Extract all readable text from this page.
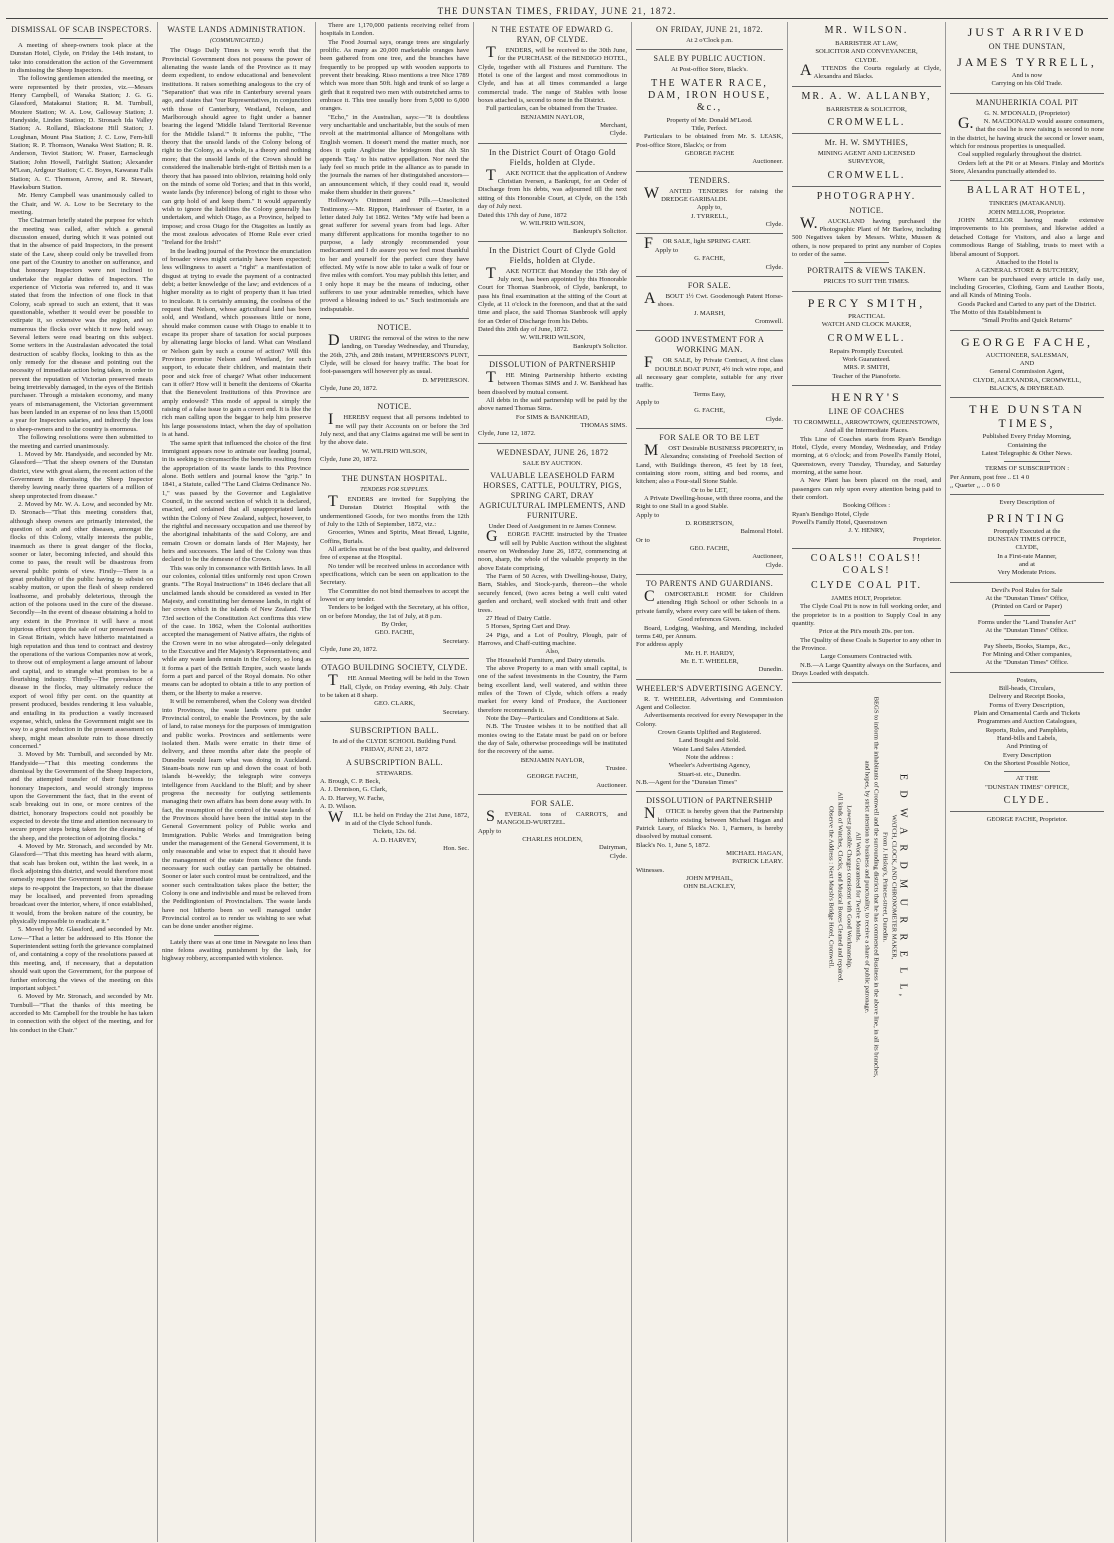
THE DUNSTAN TIMES, FRIDAY, JUNE 21, 1872.
DISMISSAL OF SCAB INSPECTORS.

A meeting of sheep-owners took place at the Dunstan Hotel, Clyde, on Friday the 14th instant, to take into consideration the action of the Government in dismissing the Sheep Inspectors.

The following gentlemen attended the meeting, or were represented by their proxies, viz.—Messrs Henry Campbell, of Wanaka Station; J. G. G. Glassford, Matakanui Station; R. M. Turnbull, Moutere Station; W. A. Low, Galloway Station; J. Handyside, Linden Station; D. Stronach Ida Valley Station; A. Rolland, Blackstone Hill Station; J. Loughnan, Mount Pisa Station; J. C. Low, Fern-hill Station; R. P. Thomson, Wanaka West Station; R. R. Anderson, Teviot Station; W. Fraser, Earnscleugh Station; John Howell, Fairlight Station; Alexander M'Lean, Ardgour Station; C. C. Boyes, Kawarau Falls Station; A. C. Thomson, Arrow, and R. Stewart, Hawksburn Station.

Mr. Henry Campbell was unanimously called to the Chair, and W. A. Low to be Secretary to the meeting.

The Chairman briefly stated the purpose for which the meeting was called, after which a general discussion ensued, during which it was pointed out that in the absence of paid Inspectors, in the present state of the Law, sheep could only be travelled from one part of the Country to another on sufferance, and that honorary Inspectors were not inclined to undertake the regular duties of Inspectors. The experience of Victoria was referred to, and it was stated that from the infection of one flock in that Colony, scab spread to such an extent, that it was questionable, whether it would ever be possible to extirpate it, so extensive was the region, and so numerous the flocks over which it now held sway. Several letters were read bearing on this subject. Some writers in the Australasian advocated the total destruction of scabby flocks, looking to this as the only remedy for the disease and pointing out the necessity of immediate action being taken, in order to prevent the reputation of Victorian preserved meats being irretrievably damaged, in the eyes of the British purchaser. Through a mistaken economy, and many years of mismanagement, the Victorian government has been landed in an expense of no less than 15,000l a year for Inspectors salaries, and indirectly the loss to sheep-owners and to the country is enormous.

The following resolutions were then submitted to the meeting and carried unanimously.

1. Moved by Mr. Handyside, and seconded by Mr. Glassford—"That the sheep owners of the Dunstan district, view with great alarm, the recent action of the Government in dismissing the Sheep Inspector thereby leaving nearly three quarters of a million of sheep unprotected from disease."

2. Moved by Mr. W. A. Low, and seconded by Mr. D. Stronach—"That this meeting considers that, although sheep owners are primarily interested, the question of scab and other diseases, amongst the flocks of this Colony, vitally interests the public, inasmuch as there is great danger of the flocks, sooner or later, becoming infected, and should this come to pass, the result will be disastrous from several public points of view. Firstly—There is a great probability of the public having to subsist on scabby mutton, or upon the flesh of sheep rendered loathsome, and probably deleterious, through the action of the poisons used in the cure of the disease. Secondly—In the event of disease obtaining a hold to any extent in the Province it will have a most injurious effect upon the sale of our preserved meats in Great Britain, which have hitherto maintained a high reputation and thus tend to contract and destroy the operations of the various Companies now at work, to throw out of employment a large amount of labour and capital, and to strangle what promises to be a flourishing industry. Thirdly—The prevalence of disease in the flocks, may ultimately reduce the export of wool fifty per cent. on the quantity at present produced, besides rendering it less valuable, and entailing in its production a vastly increased expense, which, unless the Government might see its way to a great reduction in the present assessment on sheep, might mean absolute ruin to those directly concerned."

3. Moved by Mr. Turnbull, and seconded by Mr. Handyside—"That this meeting condemns the dismissal by the Government of the Sheep Inspectors, and the attempted transfer of their functions to honorary Inspectors, and would strongly impress upon the Government the fact, that in the event of scab breaking out in one, or more centres of the district, honorary Inspectors could not possibly be expected to devote the time and attention necessary to secure proper steps being taken for the cleansing of the sheep, and the protection of adjoining flocks."

4. Moved by Mr. Stronach, and seconded by Mr. Glassford—"That this meeting has heard with alarm, that scab has broken out, within the last week, in a flock adjoining this district, and would therefore most earnestly request the Government to take immediate steps to re-appoint the Inspectors, so that the disease may be localised, and prevented from spreading broadcast over the interior, where, if once established, it would, from the broken nature of the country, be physically impossible to eradicate it."

5. Moved by Mr. Glassford, and seconded by Mr. Low—"That a letter be addressed to His Honor the Superintendent setting forth the grievance complained of, and containing a copy of the resolutions passed at this meeting, and, if necessary, that a deputation should wait upon the Government, for the purpose of further enforcing the views of the meeting on this important subject."

6. Moved by Mr. Stronach, and seconded by Mr. Turnbull—"That the thanks of this meeting be accorded to Mr. Campbell for the trouble he has taken in connection with the object of the meeting, and for his conduct in the Chair."

WASTE LANDS ADMINISTRATION.
(COMMUNICATED.)

The Otago Daily Times is very wroth that the Provincial Government does not possess the power of alienating the waste lands of the Province as it may deem expedient, to endow educational and benevolent institutions. It raises something analogous to the cry of "Separation" that was rife in Canterbury several years ago, and states that "our Representatives, in conjunction with those of Canterbury, Westland, Nelson, and Marlborough should agree to fight under a banner bearing the legend 'Middle Island Territorial Revenue for the Middle Island.'" It informs the public, "The theory that the unsold lands of the Colony belong of right to the Colony, as a whole, is a theory and nothing more; that the unsold lands of the Crown should be considered the inalienable birth-right of British men is a theory that has passed into oblivion, retaining hold only on the minds of some old Tories; and that in this world, waste lands (by inference) belong of right to those who can grip hold of and keep them." It would apparently wish to ignore the liabilities the Colony generally has undertaken, and which Otago, as a Province, helped to impose; and cross Otago for the Otagoites as lustily as the most zealous advocates of Home Rule ever cried "Ireland for the Irish!"

In the leading journal of the Province the enunciation of broader views might certainly have been expected; less willingness to assert a "right" a manifestation of disgust at trying to evade the payment of a contracted debt; a better knowledge of the law; and evidences of a higher morality as to right of property than it has tried to inculcate. It is certainly amusing, the coolness of the request that Nelson, whose agricultural land has been sold, and Westland, which possesses little or none, should make common cause with Otago to enable it to escape its proper share of taxation for social purposes by alienating large blocks of land. What can Westland or Nelson gain by such a course of action? Will this Province promise Nelson and Westland, for such support, to educate their children, and maintain their poor and sick free of charge? What other inducement can it offer? How will it benefit the denizens of Okarita that the Benevolent Institutions of this Province are amply endowed? This mode of appeal is simply the raising of a false issue to gain a covert end. It is like the rich man calling upon the beggar to help him preserve his large possessions intact, when the day of spoliation is at hand.

The same spirit that influenced the choice of the first immigrant appears now to animate our leading journal, in its seeking to circumscribe the benefits resulting from the appropriation of its waste lands to this Province alone. Both settlers and journal know the "grip." In 1841, a Statute, called "The Land Claims Ordinance No. 1," was passed by the Governor and Legislative Council, in the second section of which it is declared, enacted, and ordained that all unappropriated lands within the Colony of New Zealand, subject, however, to the rightful and necessary occupation and use thereof by the aboriginal inhabitants of the said Colony, are and remain Crown or domain lands of Her Majesty, her heirs and successors. The land of the Colony was thus declared to be the demesne of the Crown.

This was only in consonance with British laws. In all our colonies, colonial titles uniformly rest upon Crown grants. "The Royal Instructions" in 1846 declare that all unclaimed lands should be considered as vested in Her Majesty, and constituting her demesne lands, in right of her crown which in the islands of New Zealand. The 73rd section of the Constitution Act confirms this view of the case. In 1862, when the Colonial authorities accepted the management of Native affairs, the rights of the Crown were in no wise abrogated—only delegated to the Executive and Her Majesty's Representatives; and while any waste lands remain in the Colony, so long as it forms a part of the British Empire, such waste lands form a part and parcel of the Royal domain. No other means can be adopted to obtain a title to any portion of them, or the liberty to make a reserve.

It will be remembered, when the Colony was divided into Provinces, the waste lands were put under Provincial control, to enable the Provinces, by the sale of land, to raise moneys for the purposes of immigration and public works. Provinces and settlements were isolated then. Mails were erratic in their time of delivery, and three months after date the people of Dunedin would learn what was doing in Auckland. Steam-boats now run up and down the coast of both islands bi-weekly; the telegraph wire conveys intelligence from Auckland to the Bluff; and by sheer progress the necessity for outlying settlements managing their own affairs has been done away with. In fact, the resumption of the control of the waste lands of the Provinces should have been the initial step in the General Government policy of Public works and Immigration. Public Works and Immigration being under the management of the General Government, it is only reasonable and wise to expect that it should have the management of the estate from whence the funds necessary for such outlay can partially be obtained. Sooner or later such control must be centralized, and the sooner such centralization takes place the better; the Colony is one and indivisible and must be relieved from the Peddlingtonism of Provincialism. The waste lands have not hitherto been so well managed under Provincial control as to render us wishing to see what can be done under another régime.

Lately there was at one time in Newgate no less than nine felons awaiting punishment by the lash, for highway robbery, accompanied with violence.

There are 1,170,000 patients receiving relief from hospitals in London.

The Food Journal says, orange trees are singularly prolific. As many as 20,000 marketable oranges have been gathered from one tree, and the branches have frequently to be propped up with wooden supports to prevent their breaking. Risso mentions a tree Nice 1789 which was more than 50ft. high and trunk of so large a girth that it required two men with outstretched arms to embrace it. This tree usually bore from 5,000 to 6,000 oranges.

"Echo," in the Australian, says:—"It is doubtless very uncharitable and uncharitable, but the souls of men revolt at the matrimonial alliance of Mongolians with English women. It doesn't mend the matter much, nor does it quite Anglicise the bridegroom that Ah Sin appends 'Esq.' to his native appellation. Nor need the lady feel so much pride in the alliance as to parade in the journals the names of her distinguished ancestors—an announcement which, if they could read it, would make them shudder in their graves."

Holloway's Ointment and Pills.—Unsolicited Testimony.—Mr. Rippon, Hairdresser of Exeter, in a letter dated July 1st 1862. Writes "My wife had been a great sufferer for several years from bad legs. After many different applications for months together to no purpose, a lady strongly recommended your medicament and I do assure you we feel most thankful to her and yourself for the perfect cure they have effected. My wife is now able to take a walk of four or five miles with comfort. You may publish this letter, and I only hope it may be the means of inducing, other sufferers to use your admirable remedies, which have proved a blessing indeed to us." Such testimonials are indisputable.

NOTICE.

DURING the removal of the wires to the new landing, on Tuesday Wednesday, and Thursday, the 26th, 27th, and 28th instant, M'PHERSON'S PUNT, Clyde, will be closed for heavy traffic. The boat for foot-passengers will however ply as usual.

D. M'PHERSON.
Clyde, June 20, 1872.
NOTICE.

IHEREBY request that all persons indebted to me will pay their Accounts on or before the 3rd July next, and that any Claims against me will be sent in by the above date.

W. WILFRID WILSON,
Clyde, June 20, 1872.
THE DUNSTAN HOSPITAL.
TENDERS FOR SUPPLIES.

TENDERS are invited for Supplying the Dunstan District Hospital with the undermentioned Goods, for two months from the 12th of July to the 12th of September, 1872, viz.:

Groceries, Wines and Spirits, Meat Bread, Lignite, Coffins, Burials.

All articles must be of the best quality, and delivered free of expense at the Hospital.

No tender will be received unless in accordance with specifications, which can be seen on application to the Secretary.

The Committee do not bind themselves to accept the lowest or any tender.

Tenders to be lodged with the Secretary, at his office, on or before Monday, the 1st of July, at 8 p.m.

By Order,
GEO. FACHE,
Secretary.
Clyde, June 20, 1872.
OTAGO BUILDING SOCIETY, CLYDE.

THE Annual Meeting will be held in the Town Hall, Clyde, on Friday evening, 4th July. Chair to be taken at 8 sharp.

GEO. CLARK,
Secretary.
SUBSCRIPTION BALL.
In aid of the CLYDE SCHOOL Building Fund.
FRIDAY, JUNE 21, 1872
A SUBSCRIPTION BALL.
STEWARDS.
A. Brough, C. P. Beck,
A. J. Dennison, G. Clark,
A. D. Harvey, W. Fache,
A. D. Wilson.

WILL be held on Friday the 21st June, 1872, in aid of the Clyde School funds.

Tickets, 12s. 6d.
A. D. HARVEY,
Hon. Sec.
N THE ESTATE OF EDWARD G. RYAN, OF CLYDE.

TENDERS, will be received to the 30th June, for the PURCHASE of the BENDIGO HOTEL, Clyde, together with all Fixtures and Furniture. The Hotel is one of the largest and most commodious in Clyde, and has at all times commanded a large commercial trade. The range of Stables with loose boxes attached is, second to none in the District.

Full particulars, can be obtained from the Trustee.

BENJAMIN NAYLOR,
Merchant,
Clyde.
In the District Court of Otago Gold Fields, holden at Clyde.

TAKE NOTICE that the application of Andrew Christian Iversen, a Bankrupt, for an Order of Discharge from his debts, was adjourned till the next sitting of this Honorable Court, at Clyde, on the 15th day of July next.

Dated this 17th day of June, 1872
W. WILFRID WILSON,
Bankrupt's Solicitor.
In the District Court of Clyde Gold Fields, holden at Clyde.

TAKE NOTICE that Monday the 15th day of July next, has been appointed by this Honorable Court for Thomas Stanbrook, of Clyde, bankrupt, to pass his final examination at the sitting of the Court at Clyde, at 11 o'clock in the forenoon, and that at the said time and place, the said Thomas Stanbrook will apply for an Order of Discharge from his Debts.

Dated this 20th day of June, 1872.
W. WILFRID WILSON,
Bankrupt's Solicitor.
DISSOLUTION of PARTNERSHIP

THE Mining Partnership hitherto existing between Thomas SIMS and J. W. Bankhead has been dissolved by mutual consent.

All debts in the said partnership will be paid by the above named Thomas Sims.

For SIMS & BANKHEAD,
THOMAS SIMS.
Clyde, June 12, 1872.
WEDNESDAY, JUNE 26, 1872
SALE BY AUCTION.
VALUABLE LEASEHOLD FARM HORSES, CATTLE, POULTRY, PIGS, SPRING CART, DRAY AGRICULTURAL IMPLEMENTS, AND FURNITURE.
Under Deed of Assignment in re James Connew.

GEORGE FACHE instructed by the Trustee will sell by Public Auction without the slightest reserve on Wednesday June 26, 1872, commencing at noon, sharp, the whole of the valuable property in the above Estate comprising,

The Farm of 50 Acres, with Dwelling-house, Dairy, Barn, Stables, and Stock-yards, thereon—the whole securely fenced, (two acres being a well culti vated garden and orchard, well stocked with fruit and other trees.

27 Head of Dairy Cattle.

5 Horses, Spring Cart and Dray.

24 Pigs, and a Lot of Poultry, Plough, pair of Harrows, and Chaff-cutting machine.

Also,

The Household Furniture, and Dairy utensils.

The above Property to a man with small capital, is one of the safest investments in the Country, the Farm being excellent land, well watered, and within three miles of the Town of Clyde, which offers a ready market for every kind of Produce, the Auctioneer therefore recommends it.

Note the Day—Particulars and Conditions at Sale.

N.B. The Trustee wishes it to be notified that all monies owing to the Estate must be paid on or before the day of Sale, otherwise proceedings will be instituted for the recovery of the same.

BENJAMIN NAYLOR,
Trustee.
GEORGE FACHE,
Auctioneer.
FOR SALE.

SEVERAL tons of CARROTS, and MANGOLD-WURTZEL.

Apply to
CHARLES HOLDEN,
Dairyman,
Clyde.
ON FRIDAY, JUNE 21, 1872.
At 2 o'Clock p.m.
SALE BY PUBLIC AUCTION.
At Post-office Store, Black's.
THE WATER RACE, DAM, IRON HOUSE, &c.,
Property of Mr. Donald M'Leod.
Title, Perfect.

Particulars to be obtained from Mr. S. LEASK, Post-office Store, Black's; or from

GEORGE FACHE
Auctioneer.
TENDERS.

WANTED TENDERS for raising the DREDGE GARIBALDI.

Apply to,
J. TYRRELL,
Clyde.

FOR SALE, light SPRING CART.

Apply to
G. FACHE,
Clyde.
FOR SALE.

ABOUT 1½ Cwt. Goodenough Patent Horse-shoes.

J. MARSH,
Cromwell.
GOOD INVESTMENT FOR A WORKING MAN.

FOR SALE, by Private Contract, A first class DOUBLE BOAT PUNT, 4½ inch wire rope, and all necessary gear complete, suitable for any river traffic.

Terms Easy,
Apply to
G. FACHE,
Clyde.
FOR SALE OR TO BE LET

MOST Desirable BUSINESS PROPERTY, in Alexandra; consisting of Freehold Section of Land, with Buildings thereon, 45 feet by 18 feet, containing store room, sitting and bed rooms, and kitchen; also a Four-stall Stone Stable.

Or to be LET,

A Private Dwelling-house, with three rooms, and the Right to one Stall in a good Stable.

Apply to
D. ROBERTSON,
Balmoral Hotel.
Or to
GEO. FACHE,
Auctioneer,
Clyde.
TO PARENTS AND GUARDIANS.

COMFORTABLE HOME for Children attending High School or other Schools in a private family, where every care will be taken of them.

Good references Given.

Board, Lodging, Washing, and Mending, included terms £40, per Annum.

For address apply
Mr. H. F. HARDY,
Mr. E. T. WHEELER,
Dunedin.
WHEELER'S ADVERTISING AGENCY.

R. T. WHEELER, Advertising and Commission Agent and Collector.

Advertisements received for every Newspaper in the Colony.

Crown Grants Uplifted and Registered.
Land Bought and Sold.
Waste Land Sales Attended.
Note the address :
Wheeler's Advertising Agency,
Stuart-st. etc., Dunedin.
N.B.—Agent for the "Dunstan Times"
DISSOLUTION of PARTNERSHIP

NOTICE is hereby given that the Partnership hitherto existing between Michael Hagan and Patrick Leary, of Black's No. 1, Farmers, is hereby dissolved by mutual consent.

Black's No. 1, June 5, 1872.
MICHAEL HAGAN,
PATRICK LEARY.
Witnesses.
JOHN M'PHAIL,
OHN BLACKLEY,
MR. WILSON.
BARRISTER AT LAW,
SOLICITOR AND CONVEYANCER,
CLYDE.

ATTENDS the Courts regularly at Clyde, Alexandra and Blacks.

MR. A. W. ALLANBY,
BARRISTER & SOLICITOR,
CROMWELL.
Mr. H. W. SMYTHIES,
MINING AGENT AND LICENSED
SURVEYOR,
CROMWELL.
PHOTOGRAPHY.
NOTICE.

W.AUCKLAND having purchased the Photographic Plant of Mr Barlow, including 500 Negatives taken by Messrs. White, Mussen & others, is now prepared to print any number of Copies to order of the same.

PORTRAITS & VIEWS TAKEN.
PRICES TO SUIT THE TIMES.
PERCY SMITH,
PRACTICAL
WATCH AND CLOCK MAKER,
CROMWELL.
Repairs Promptly Executed.
Work Guaranteed.
MRS. P. SMITH,
Teacher of the Pianoforte.
HENRY'S
LINE OF COACHES
TO CROMWELL, ARROWTOWN, QUEENSTOWN,
And all the Intermediate Places.

This Line of Coaches starts from Ryan's Bendigo Hotel, Clyde, every Monday, Wednesday, and Friday morning, at 6 o'clock; and from Powell's Family Hotel, Queenstown, every Tuesday, Thursday, and Saturday morning, at the same hour.

A New Plant has been placed on the road, and passengers can rely upon every attention being paid to their comfort.

Booking Offices :
Ryan's Bendigo Hotel, Clyde
Powell's Family Hotel, Queenstown
J. Y. HENRY,
Proprietor.
COALS!! COALS!! COALS!
CLYDE COAL PIT.
JAMES HOLT, Proprietor.

The Clyde Coal Pit is now in full working order, and the proprietor is in a position to Supply Coal in any quantity.

Price at the Pit's mouth 20s. per ton.

The Quality of these Coals is Superior to any other in the Province.

Large Consumers Contracted with.

N.B.—A Large Quantity always on the Surfaces, and Drays Loaded with despatch.

E D W A R D M U R R E L L,
WATCH, CLOCK, AND CHRONOMETER MAKER,
From J. Hislop's, Princes-street, Dunedin.
BEGS to inform the inhabitants of Cromwell and the surrounding districts that he has commenced Business in the above line, in all its branches, and hopes, by strict attention to business and punctuality, to receive a share of public patronage.
All Work Guaranteed for Twelve Months.
Lowest possible Charges consistent with Good Workmanship.
All kinds of Watches, Clocks, and Musical Boxes Cleaned and repaired.
Observe the Address : Next Marsh's Bridge Hotel, Cromwell.
JUST ARRIVED
ON THE DUNSTAN,
JAMES TYRRELL,
And is now
Carrying on his Old Trade.
MANUHERIKIA COAL PIT
G. N. M'DONALD, (Proprietor)

G.N. MACDONALD would assure consumers, that the coal he is now raising is second to none in the district, he having struck the second or lower seam, which for resinous properties is unequalled.

Coal supplied regularly throughout the district.

Orders left at the Pit or at Messrs. Finlay and Moritz's Store, Alexandra punctually attended to.

BALLARAT HOTEL,
TINKER'S (MATAKANUI).
JOHN MELLOR, Proprietor.

JOHN MELLOR having made extensive improvements to his premises, and likewise added a detached Cottage for Visitors, and also a large and commodious Range of Stabling, trusts to meet with a liberal amount of Support.

Attached to the Hotel is
A GENERAL STORE & BUTCHERY,

Where can be purchased every article in daily use, including Groceries, Clothing, Gum and Leather Boots, and all Kinds of Mining Tools.

Goods Packed and Carted to any part of the District.
The Motto of this Establishment is
"Small Profits and Quick Returns"
GEORGE FACHE,
AUCTIONEER, SALESMAN,
AND
General Commission Agent,
CLYDE, ALEXANDRA, CROMWELL,
BLACK'S, & DRYBREAD.
THE DUNSTAN TIMES,
Published Every Friday Morning,
Containing the
Latest Telegraphic & Other News.
TERMS OF SUBSCRIPTION :
Per Annum, post free .. £1 4 0
,, Quarter ,, .. 0 6 0
Every Description of
PRINTING
Promptly Executed at the
DUNSTAN TIMES OFFICE,
CLYDE,
In a First-rate Manner,
and at
Very Moderate Prices.
Devil's Pool Rules for Sale
At the "Dunstan Times" Office,
(Printed on Card or Paper)
Forms under the "Land Transfer Act"
At the "Dunstan Times" Office.
Pay Sheets, Books, Stamps, &c.,
For Mining and Other companies,
At the "Dunstan Times" Office.
Posters,
Bill-heads, Circulars,
Delivery and Receipt Books,
Forms of Every Description,
Plain and Ornamental Cards and Tickets
Programmes and Auction Catalogues,
Reports, Rules, and Pamphlets,
Hand-bills and Labels,
And Printing of
Every Description
On the Shortest Possible Notice,
AT THE
"DUNSTAN TIMES" OFFICE,
CLYDE.
GEORGE FACHE, Proprietor.
